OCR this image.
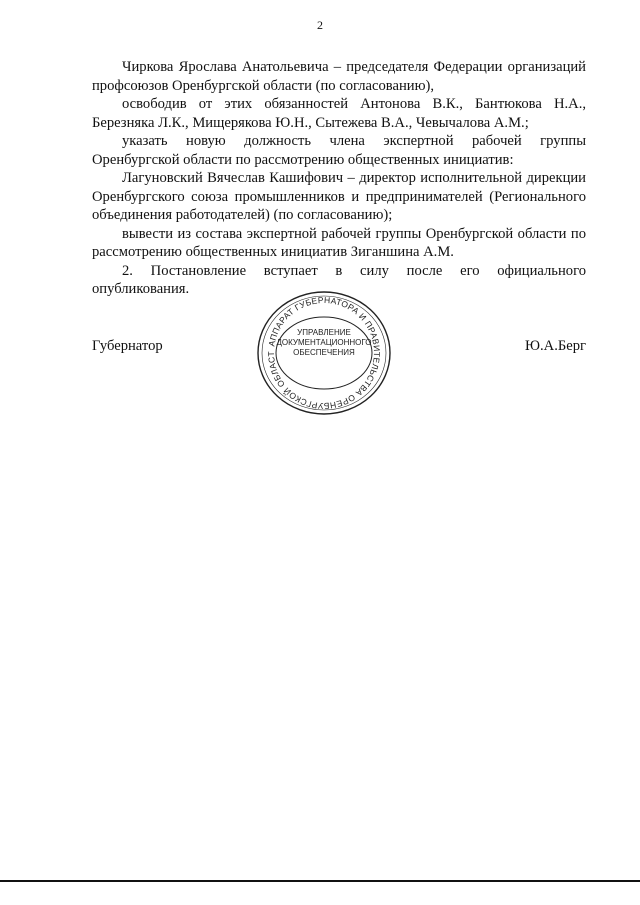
2

Чиркова Ярослава Анатольевича – председателя Федерации организаций профсоюзов Оренбургской области (по согласованию),

освободив от этих обязанностей Антонова В.К., Бантюкова Н.А., Березняка Л.К., Мищерякова Ю.Н., Сытежева В.А., Чевычалова А.М.;

указать новую должность члена экспертной рабочей группы Оренбургской области по рассмотрению общественных инициатив:

Лагуновский Вячеслав Кашифович – директор исполнительной дирекции Оренбургского союза промышленников и предпринимателей (Регионального объединения работодателей) (по согласованию);

вывести из состава экспертной рабочей группы Оренбургской области по рассмотрению общественных инициатив Зиганшина А.М.

2. Постановление вступает в силу после его официального опубликования.

Губернатор	Ю.А.Берг
АППАРАТ ГУБЕРНАТОРА И ПРАВИТЕЛЬСТВА ОРЕНБУРГСКОЙ ОБЛАСТ
УПРАВЛЕНИЕ
ДОКУМЕНТАЦИОННОГО
ОБЕСПЕЧЕНИЯ
